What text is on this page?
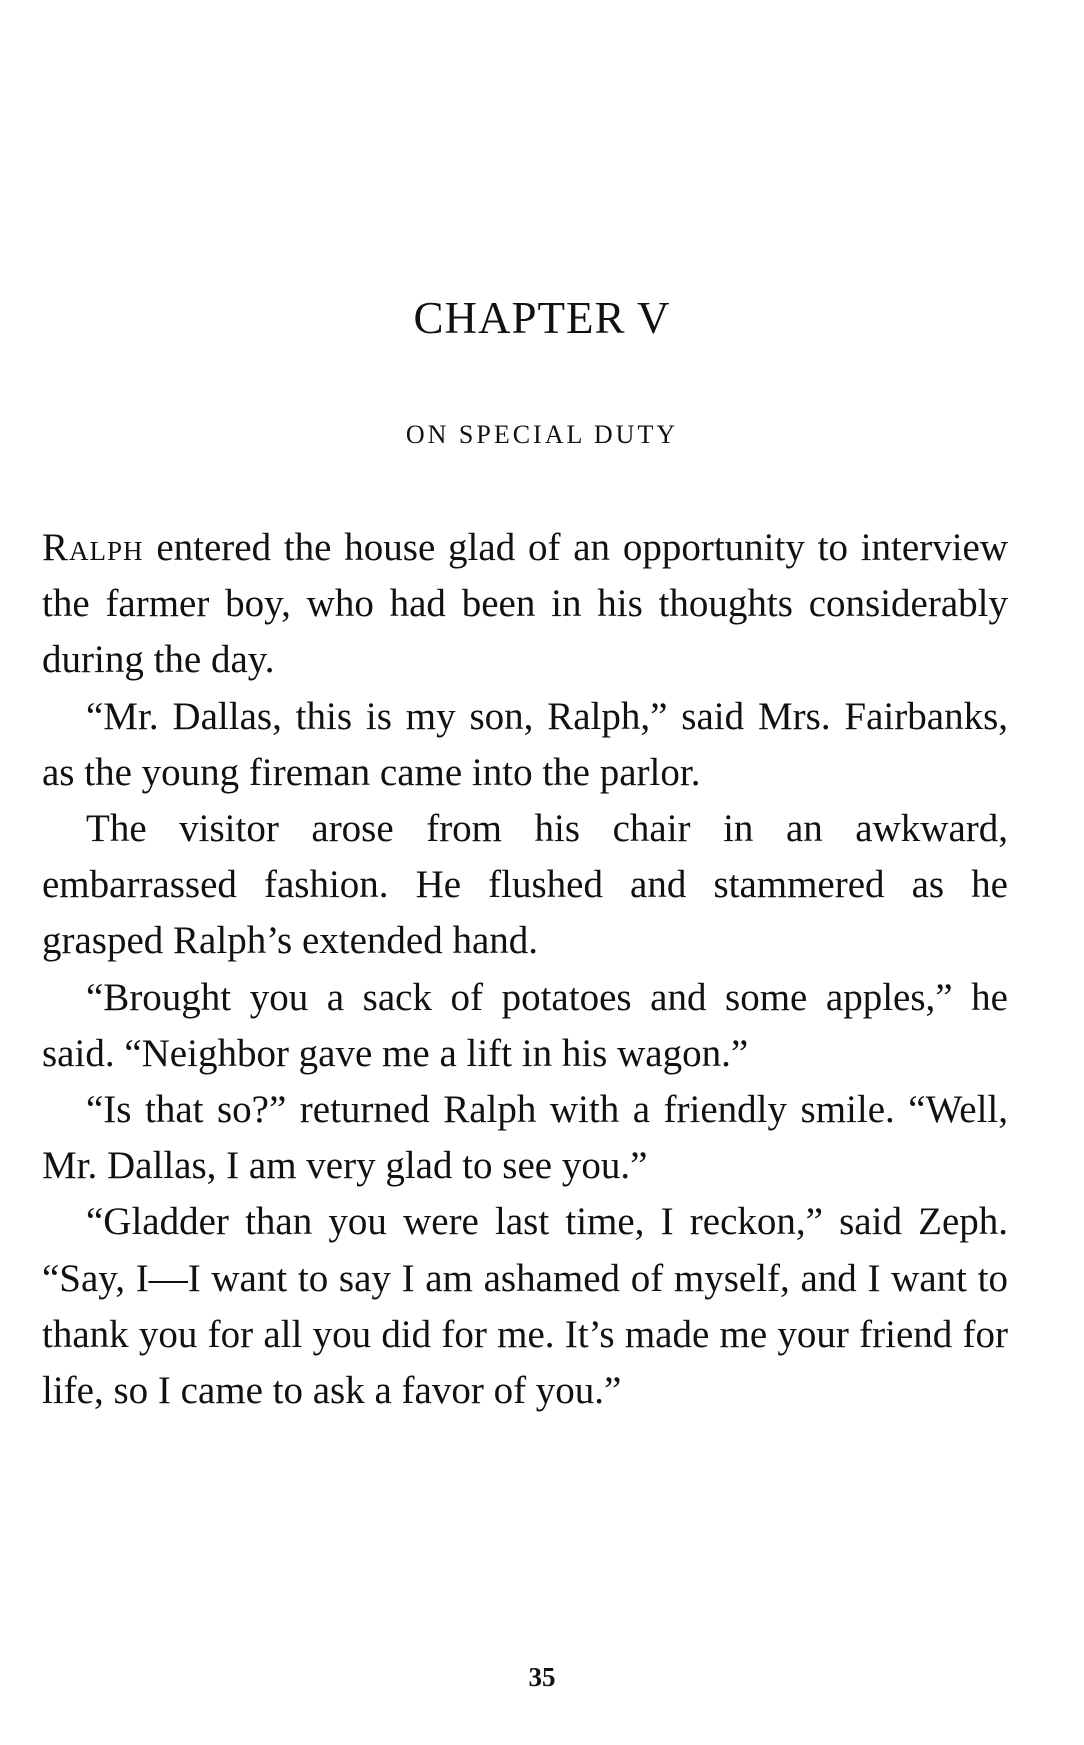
CHAPTER V
ON SPECIAL DUTY

Ralph entered the house glad of an opportunity to interview the farmer boy, who had been in his thoughts considerably during the day.

“Mr. Dallas, this is my son, Ralph,” said Mrs. Fairbanks, as the young fireman came into the parlor.

The visitor arose from his chair in an awkward, embarrassed fashion. He flushed and stammered as he grasped Ralph’s extended hand.

“Brought you a sack of potatoes and some apples,” he said. “Neighbor gave me a lift in his wagon.”

“Is that so?” returned Ralph with a friendly smile. “Well, Mr. Dallas, I am very glad to see you.”

“Gladder than you were last time, I reckon,” said Zeph. “Say, I—I want to say I am ashamed of myself, and I want to thank you for all you did for me. It’s made me your friend for life, so I came to ask a favor of you.”

35
